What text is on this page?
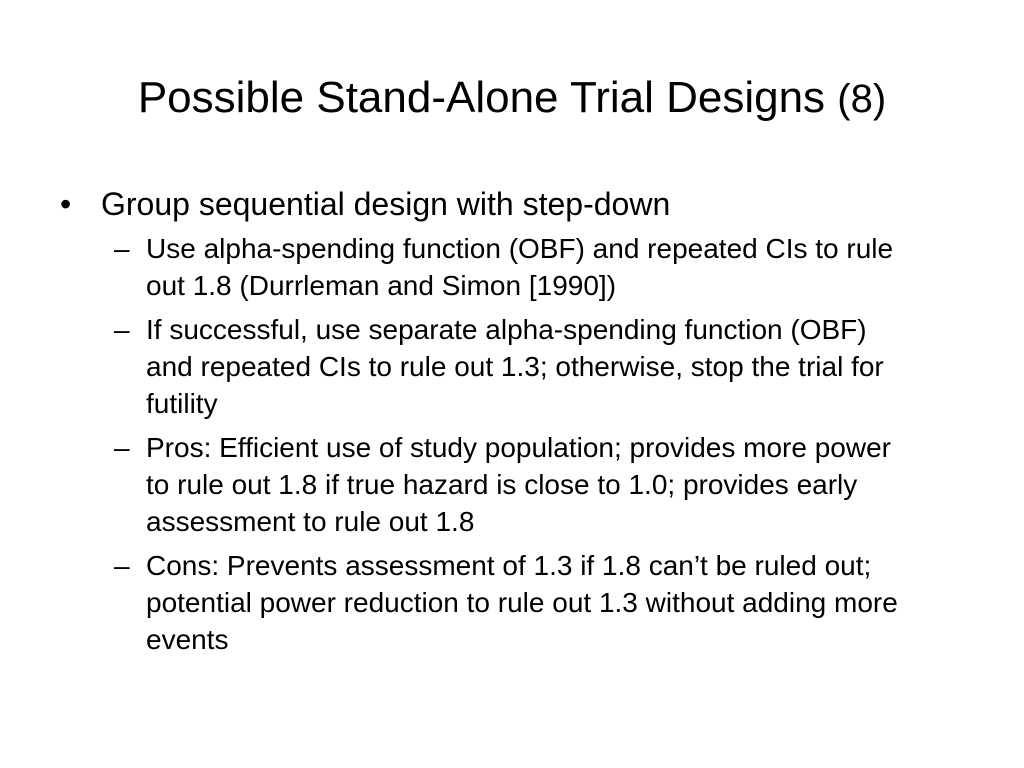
Possible Stand-Alone Trial Designs (8)
• Group sequential design with step-down
– Use alpha-spending function (OBF) and repeated CIs to rule out 1.8 (Durrleman and Simon [1990])
– If successful, use separate alpha-spending function (OBF) and repeated CIs to rule out 1.3; otherwise, stop the trial for futility
– Pros: Efficient use of study population; provides more power to rule out 1.8 if true hazard is close to 1.0; provides early assessment to rule out 1.8
– Cons: Prevents assessment of 1.3 if 1.8 can’t be ruled out; potential power reduction to rule out 1.3 without adding more events
